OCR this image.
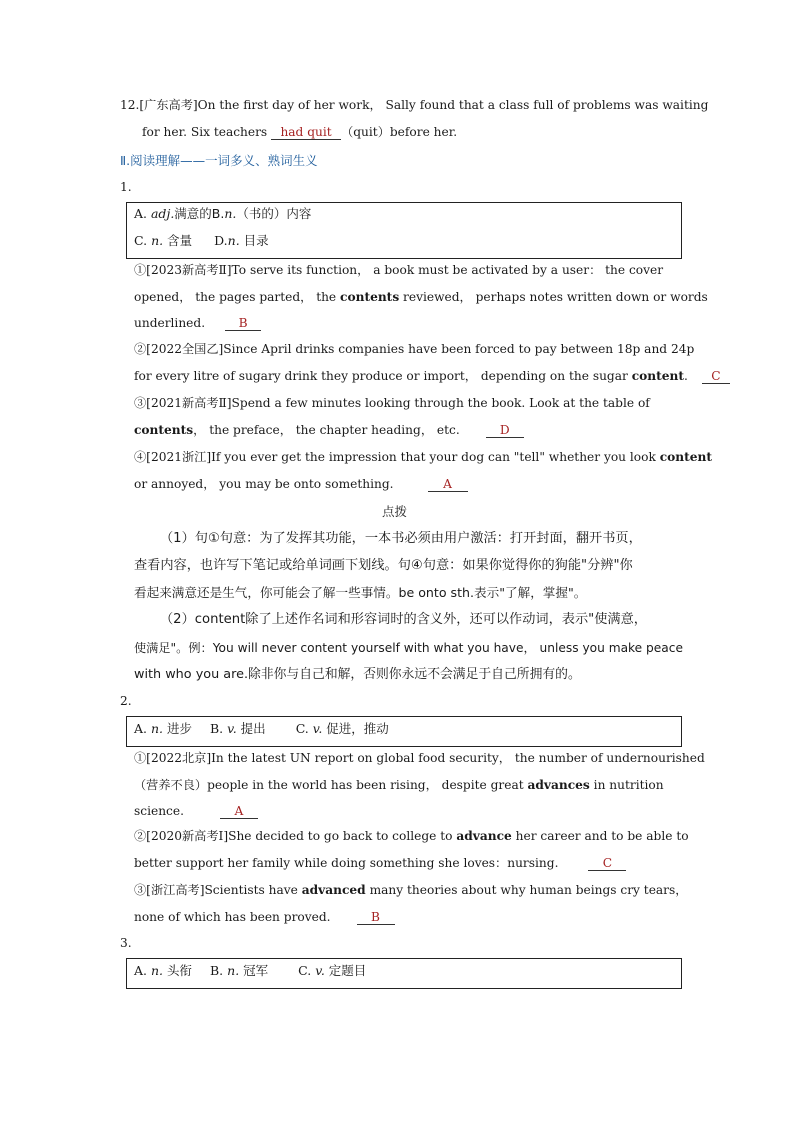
12.[广东高考]On the first day of her work， Sally found that a class full of problems was waiting
for her. Six teachers had quit （quit）before her.
Ⅱ.阅读理解——一词多义、熟词生义
1.
A. adj.满意的B.n.（书的）内容
C. n. 含量 D.n. 目录
①[2023新高考Ⅱ]To serve its function， a book must be activated by a user： the cover
opened， the pages parted， the contents reviewed， perhaps notes written down or words
underlined.	B
②[2022全国乙]Since April drinks companies have been forced to pay between 18p and 24p
for every litre of sugary drink they produce or import， depending on the sugar content. C
③[2021新高考Ⅱ]Spend a few minutes looking through the book. Look at the table of
contents， the preface， the chapter heading， etc.	D
④[2021浙江]If you ever get the impression that your dog can "tell" whether you look content
or annoyed， you may be onto something.	A
点拨
（1）句①句意：为了发挥其功能，一本书必须由用户激活：打开封面，翻开书页，
查看内容，也许写下笔记或给单词画下划线。句④句意：如果你觉得你的狗能"分辨"你
看起来满意还是生气，你可能会了解一些事情。be onto sth.表示"了解，掌握"。
（2）content除了上述作名词和形容词时的含义外，还可以作动词，表示"使满意，
使满足"。例：You will never content yourself with what you have， unless you make peace
with who you are.除非你与自己和解，否则你永远不会满足于自己所拥有的。
2.
A. n. 进步 B. v. 提出 C. v. 促进，推动
①[2022北京]In the latest UN report on global food security， the number of undernourished
（营养不良）people in the world has been rising， despite great advances in nutrition
science.	A
②[2020新高考Ⅰ]She decided to go back to college to advance her career and to be able to
better support her family while doing something she loves：nursing.	C
③[浙江高考]Scientists have advanced many theories about why human beings cry tears，
none of which has been proved.	B
3.
A. n. 头衔 B. n. 冠军 C. v. 定题目
